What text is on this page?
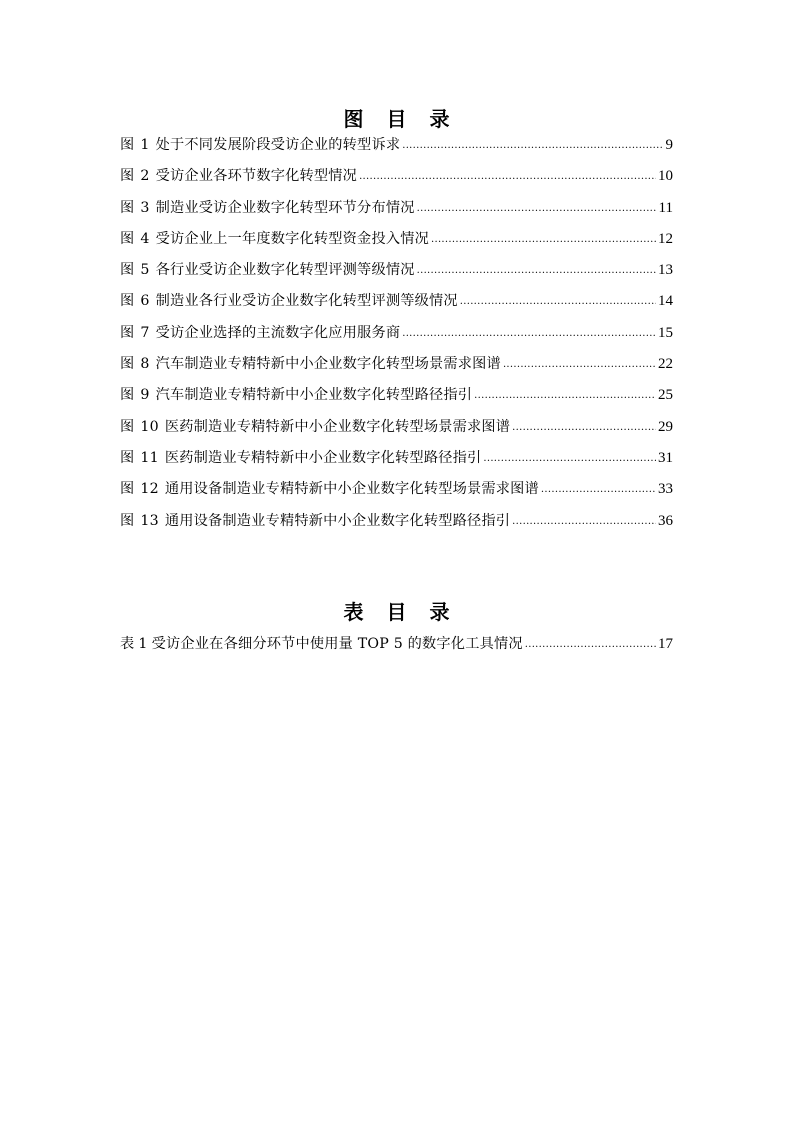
图 目 录
图 1 处于不同发展阶段受访企业的转型诉求 .....	9
图 2 受访企业各环节数字化转型情况 .....	10
图 3 制造业受访企业数字化转型环节分布情况 .....	11
图 4 受访企业上一年度数字化转型资金投入情况 .....	12
图 5 各行业受访企业数字化转型评测等级情况 .....	13
图 6 制造业各行业受访企业数字化转型评测等级情况 .....	14
图 7 受访企业选择的主流数字化应用服务商 .....	15
图 8 汽车制造业专精特新中小企业数字化转型场景需求图谱 .....	22
图 9 汽车制造业专精特新中小企业数字化转型路径指引 .....	25
图 10 医药制造业专精特新中小企业数字化转型场景需求图谱 .....	29
图 11 医药制造业专精特新中小企业数字化转型路径指引 .....	31
图 12 通用设备制造业专精特新中小企业数字化转型场景需求图谱 .....	33
图 13 通用设备制造业专精特新中小企业数字化转型路径指引 .....	36
表 目 录
表 1 受访企业在各细分环节中使用量 TOP 5 的数字化工具情况 .....	17
